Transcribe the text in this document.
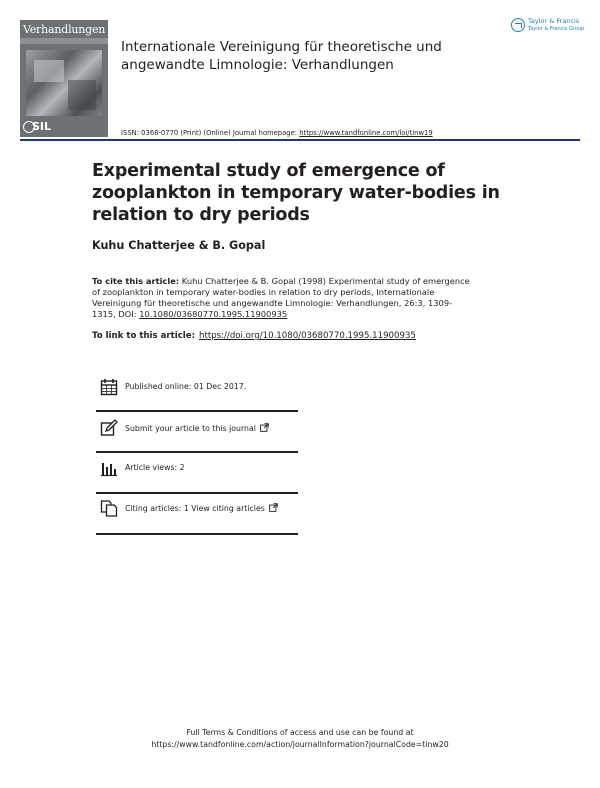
Verhandlungen
SIL
Internationale Vereinigung für theoretische und angewandte Limnologie: Verhandlungen
Taylor & Francis
Taylor & Francis Group
ISSN: 0368-0770 (Print) (Online) Journal homepage: https://www.tandfonline.com/loi/tinw19
Experimental study of emergence of zooplankton in temporary water-bodies in relation to dry periods
Kuhu Chatterjee & B. Gopal
To cite this article: Kuhu Chatterjee & B. Gopal (1998) Experimental study of emergence of zooplankton in temporary water-bodies in relation to dry periods, Internationale Vereinigung für theoretische und angewandte Limnologie: Verhandlungen, 26:3, 1309-1315, DOI: 10.1080/03680770.1995.11900935
To link to this article: https://doi.org/10.1080/03680770.1995.11900935
Published online: 01 Dec 2017.
Submit your article to this journal
Article views: 2
Citing articles: 1 View citing articles
Full Terms & Conditions of access and use can be found at
https://www.tandfonline.com/action/journalInformation?journalCode=tinw20
